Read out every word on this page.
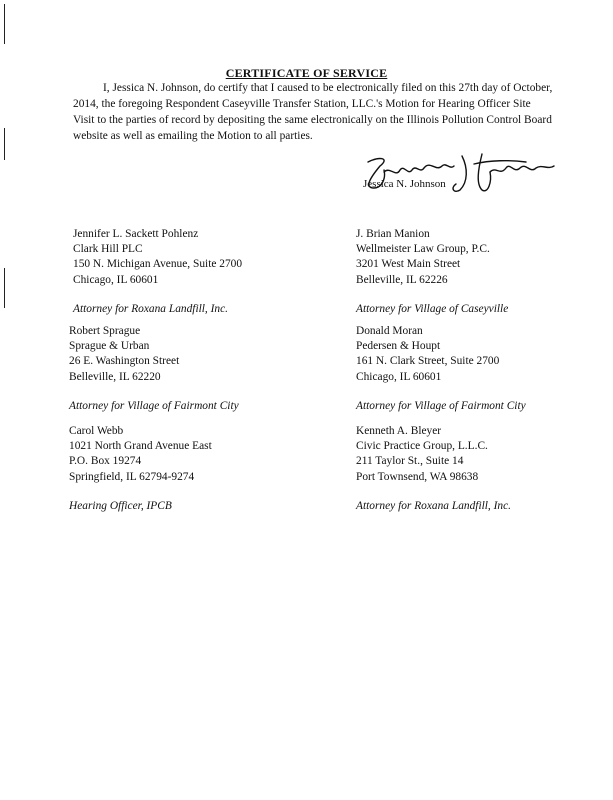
CERTIFICATE OF SERVICE
I, Jessica N. Johnson, do certify that I caused to be electronically filed on this 27th day of October, 2014, the foregoing Respondent Caseyville Transfer Station, LLC.'s Motion for Hearing Officer Site Visit to the parties of record by depositing the same electronically on the Illinois Pollution Control Board website as well as emailing the Motion to all parties.
Jessica N. Johnson
Jennifer L. Sackett Pohlenz
Clark Hill PLC
150 N. Michigan Avenue, Suite 2700
Chicago, IL 60601
Attorney for Roxana Landfill, Inc.
J. Brian Manion
Wellmeister Law Group, P.C.
3201 West Main Street
Belleville, IL 62226
Attorney for Village of Caseyville
Robert Sprague
Sprague & Urban
26 E. Washington Street
Belleville, IL 62220
Attorney for Village of Fairmont City
Donald Moran
Pedersen & Houpt
161 N. Clark Street, Suite 2700
Chicago, IL 60601
Attorney for Village of Fairmont City
Carol Webb
1021 North Grand Avenue East
P.O. Box 19274
Springfield, IL 62794-9274
Hearing Officer, IPCB
Kenneth A. Bleyer
Civic Practice Group, L.L.C.
211 Taylor St., Suite 14
Port Townsend, WA 98638
Attorney for Roxana Landfill, Inc.
